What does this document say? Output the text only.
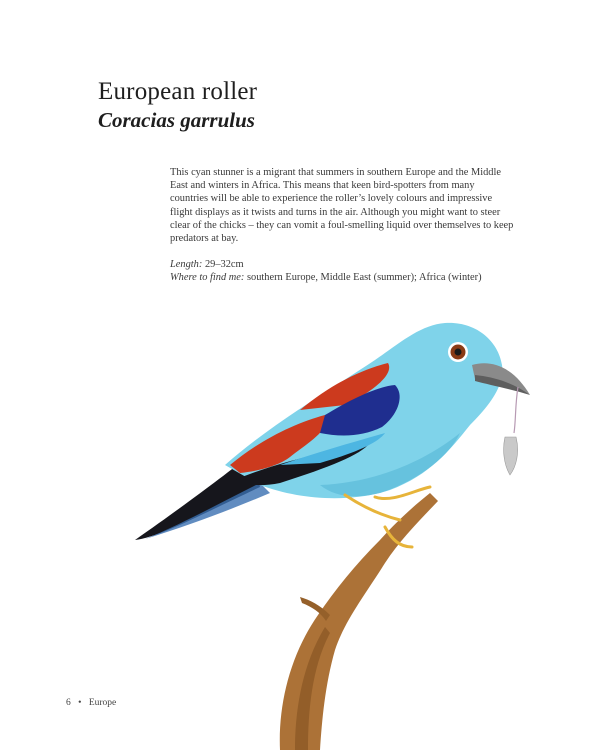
European roller
Coracias garrulus

This cyan stunner is a migrant that summers in southern Europe and the Middle East and winters in Africa. This means that keen bird-spotters from many countries will be able to experience the roller’s lovely colours and impressive flight displays as it twists and turns in the air. Although you might want to steer clear of the chicks – they can vomit a foul-smelling liquid over themselves to keep predators at bay.

Length: 29–32cm
Where to find me: southern Europe, Middle East (summer); Africa (winter)
6 • Europe
